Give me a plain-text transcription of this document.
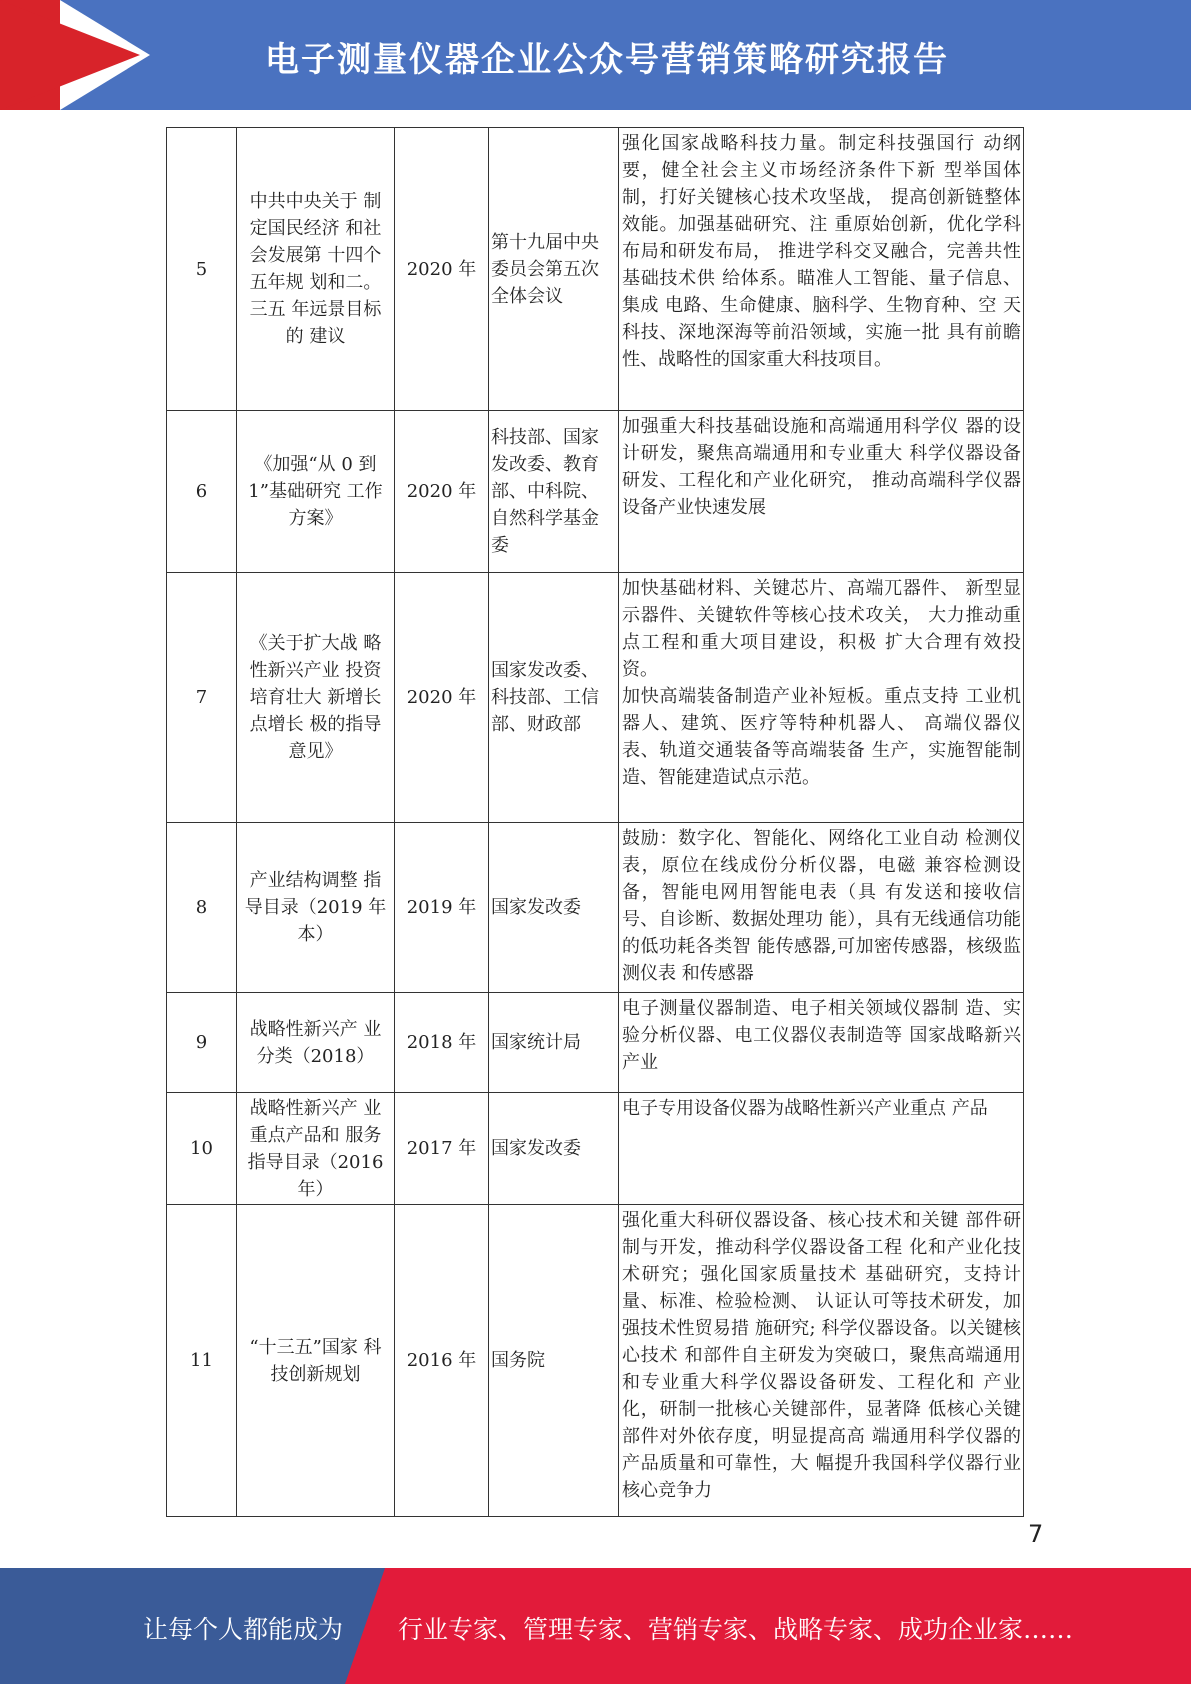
电子测量仪器企业公众号营销策略研究报告
5	中共中央关于 制定国民经济 和社会发展第 十四个五年规 划和二。三五 年远景目标的 建议	2020 年	第十九届中央委员会第五次全体会议	强化国家战略科技力量。制定科技强国行 动纲要，健全社会主义市场经济条件下新 型举国体制，打好关键核心技术攻坚战， 提高创新链整体效能。加强基础研究、注 重原始创新，优化学科布局和研发布局， 推进学科交叉融合，完善共性基础技术供 给体系。瞄准人工智能、量子信息、集成 电路、生命健康、脑科学、生物育种、空 天科技、深地深海等前沿领域，实施一批 具有前瞻性、战略性的国家重大科技项目。
6	《加强“从 0 到 1”基础研究 工作方案》	2020 年	科技部、国家发改委、教育部、中科院、自然科学基金委	加强重大科技基础设施和高端通用科学仪 器的设计研发，聚焦高端通用和专业重大 科学仪器设备研发、工程化和产业化研究， 推动高端科学仪器设备产业快速发展
7	《关于扩大战 略性新兴产业 投资培育壮大 新增长点增长 极的指导意见》	2020 年	国家发改委、科技部、工信部、财政部	加快基础材料、关键芯片、高端兀器件、 新型显示器件、关键软件等核心技术攻关， 大力推动重点工程和重大项目建设，积极 扩大合理有效投资。
加快高端装备制造产业补短板。重点支持 工业机器人、建筑、医疗等特种机器人、 高端仪器仪表、轨道交通装备等高端装备 生产，实施智能制造、智能建造试点示范。
8	产业结构调整 指导目录（2019 年本）	2019 年	国家发改委	鼓励：数字化、智能化、网络化工业自动 检测仪表，原位在线成份分析仪器，电磁 兼容检测设备，智能电网用智能电表（具 有发送和接收信号、自诊断、数据处理功 能），具有无线通信功能的低功耗各类智 能传感器,可加密传感器，核级监测仪表 和传感器
9	战略性新兴产 业分类（2018）	2018 年	国家统计局	电子测量仪器制造、电子相关领域仪器制 造、实验分析仪器、电工仪器仪表制造等 国家战略新兴产业
10	战略性新兴产 业重点产品和 服务指导目录（2016 年）	2017 年	国家发改委	电子专用设备仪器为战略性新兴产业重点 产品
11	“十三五”国家 科技创新规划	2016 年	国务院	强化重大科研仪器设备、核心技术和关键 部件研制与开发，推动科学仪器设备工程 化和产业化技术研究；强化国家质量技术 基础研究，支持计量、标准、检验检测、 认证认可等技术研发，加强技术性贸易措 施研究; 科学仪器设备。以关键核心技术 和部件自主研发为突破口，聚焦高端通用 和专业重大科学仪器设备研发、工程化和 产业化，研制一批核心关键部件，显著降 低核心关键部件对外依存度，明显提高高 端通用科学仪器的产品质量和可靠性，大 幅提升我国科学仪器行业核心竞争力
7
让每个人都能成为 行业专家、管理专家、营销专家、战略专家、成功企业家……
